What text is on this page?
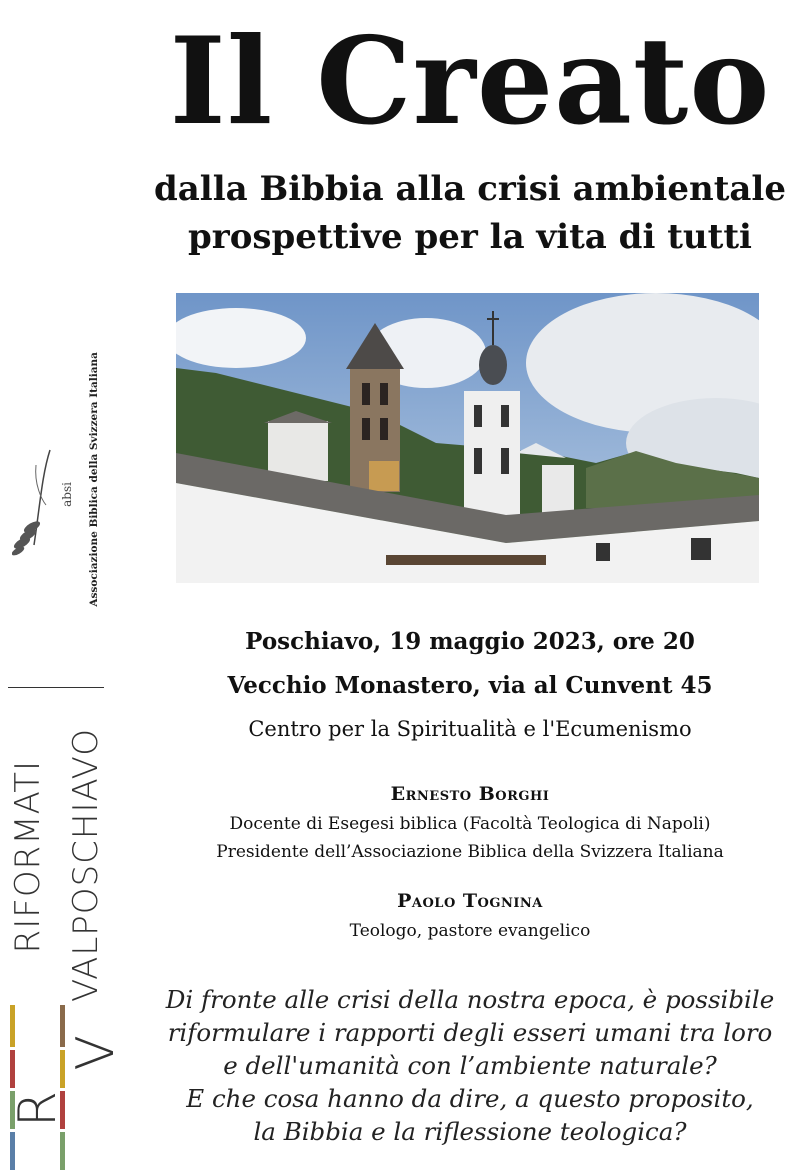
Il Creato
dalla Bibbia alla crisi ambientale
prospettive per la vita di tutti
Poschiavo, 19 maggio 2023, ore 20
Vecchio Monastero, via al Cunvent 45
Centro per la Spiritualità e l'Ecumenismo
Ernesto Borghi
Docente di Esegesi biblica (Facoltà Teologica di Napoli)
Presidente dell’Associazione Biblica della Svizzera Italiana
Paolo Tognina
Teologo, pastore evangelico
Di fronte alle crisi della nostra epoca, è possibile
riformulare i rapporti degli esseri umani tra loro
e dell'umanità con l’ambiente naturale?
E che cosa hanno da dire, a questo proposito,
la Bibbia e la riflessione teologica?
absi Associazione Biblica della Svizzera Italiana
RIFORMATI VALPOSCHIAVO
R
V
